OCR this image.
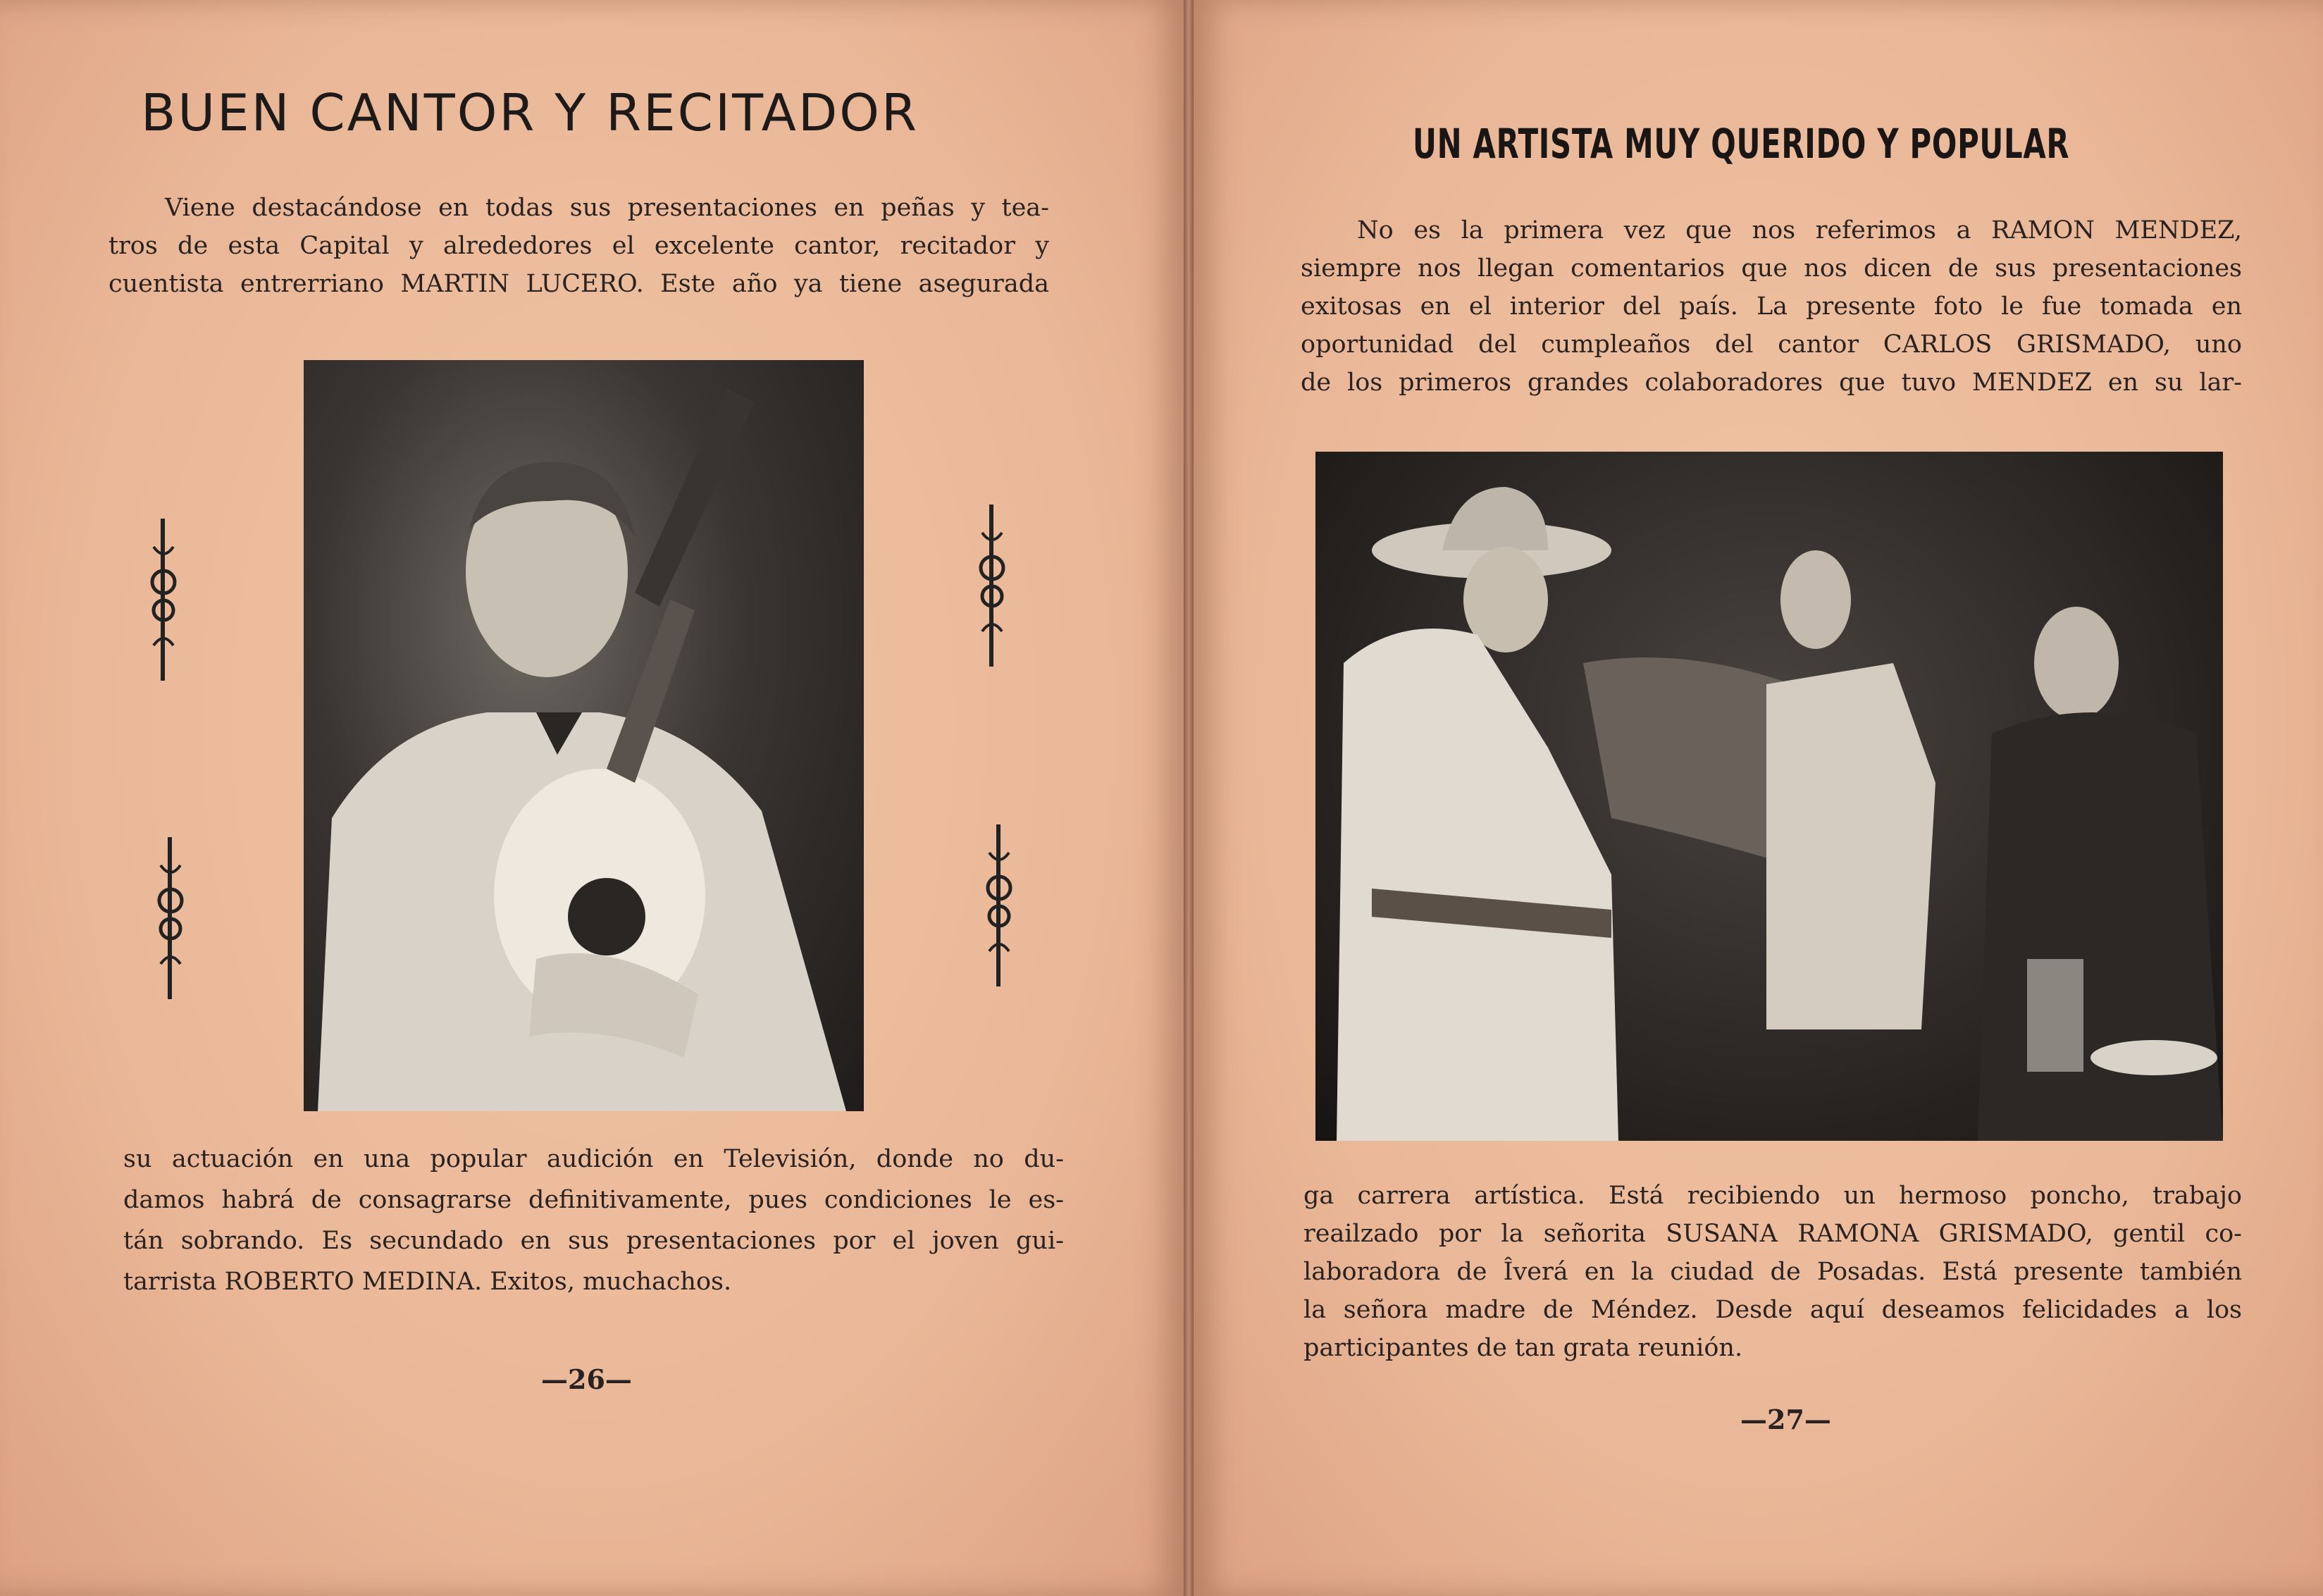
BUEN CANTOR Y RECITADOR
Viene destacándose en todas sus presentaciones en peñas y tea-
tros de esta Capital y alrededores el excelente cantor, recitador y
cuentista entrerriano MARTIN LUCERO. Este año ya tiene asegurada
su actuación en una popular audición en Televisión, donde no du-
damos habrá de consagrarse definitivamente, pues condiciones le es-
tán sobrando. Es secundado en sus presentaciones por el joven gui-
tarrista ROBERTO MEDINA. Exitos, muchachos.
—26—
UN ARTISTA MUY QUERIDO Y POPULAR
No es la primera vez que nos referimos a RAMON MENDEZ,
siempre nos llegan comentarios que nos dicen de sus presentaciones
exitosas en el interior del país. La presente foto le fue tomada en
oportunidad del cumpleaños del cantor CARLOS GRISMADO, uno
de los primeros grandes colaboradores que tuvo MENDEZ en su lar-
ga carrera artística. Está recibiendo un hermoso poncho, trabajo
reailzado por la señorita SUSANA RAMONA GRISMADO, gentil co-
laboradora de Îverá en la ciudad de Posadas. Está presente también
la señora madre de Méndez. Desde aquí deseamos felicidades a los
participantes de tan grata reunión.
—27—
